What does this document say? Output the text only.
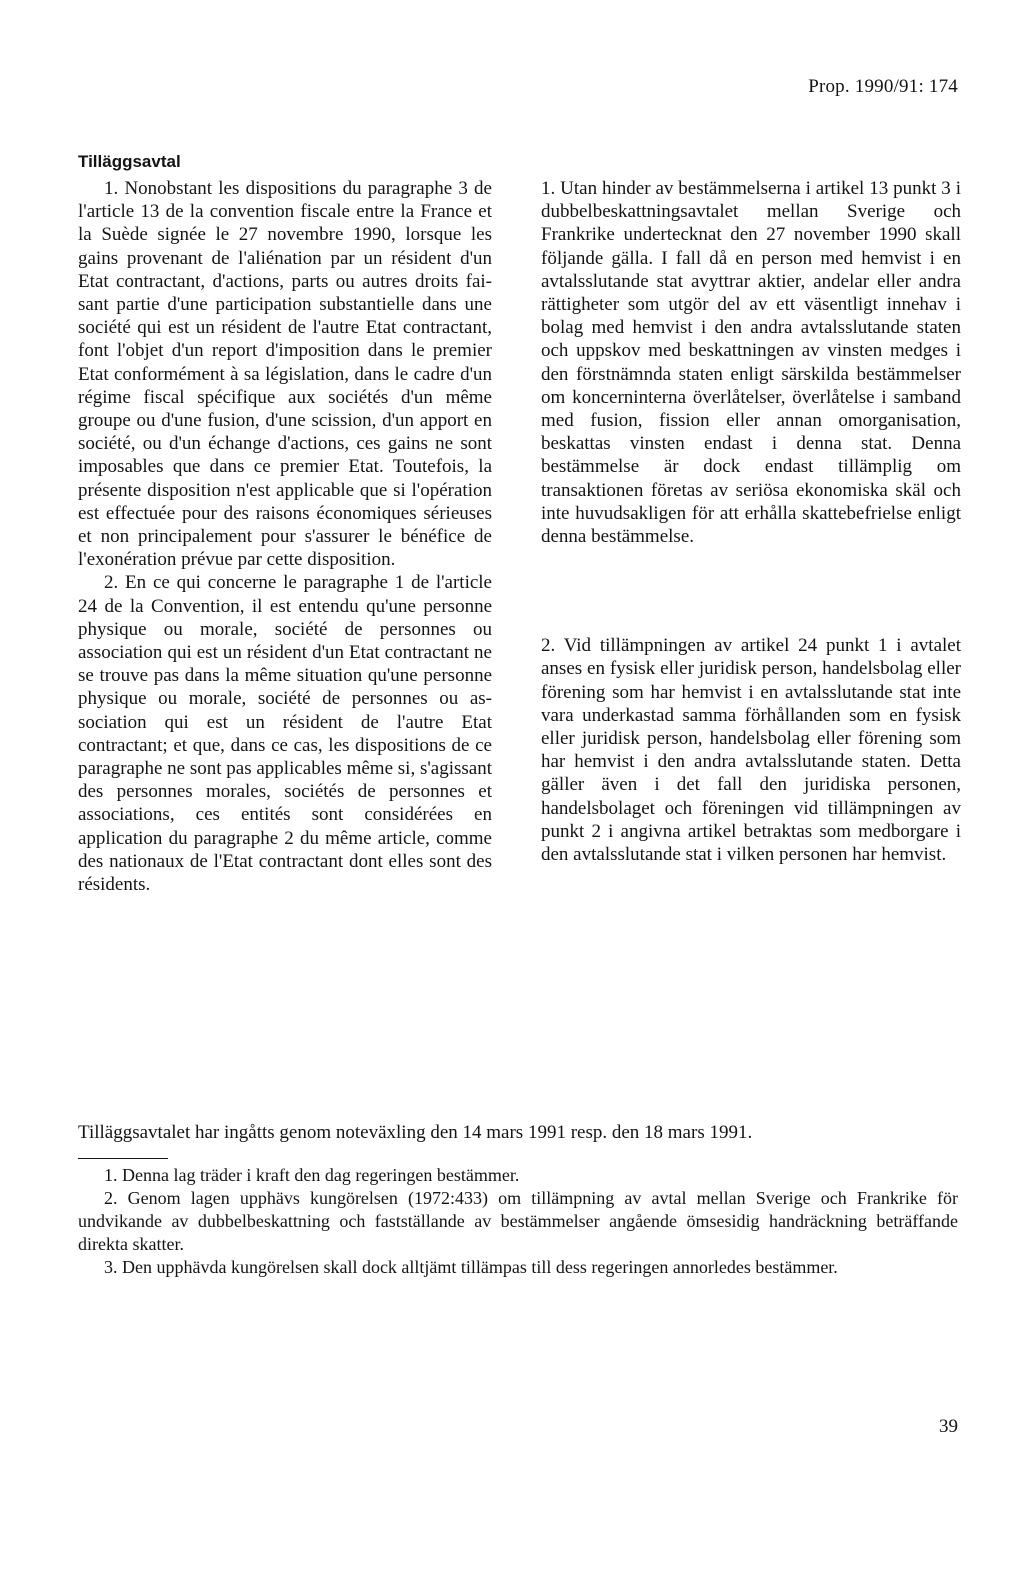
Prop. 1990/91: 174
Tilläggsavtal

1. Nonobstant les dispositions du paragraphe 3 de l'article 13 de la convention fiscale entre la France et la Suède signée le 27 novembre 1990, lorsque les gains provenant de l'aliénation par un résident d'un Etat contractant, d'actions, parts ou autres droits faisant partie d'une participation substantielle dans une société qui est un résident de l'autre Etat contractant, font l'objet d'un report d'imposition dans le premier Etat conformément à sa législation, dans le cadre d'un régime fiscal spécifique aux sociétés d'un même groupe ou d'une fusion, d'une scission, d'un apport en société, ou d'un échange d'actions, ces gains ne sont imposables que dans ce premier Etat. Toutefois, la présente disposition n'est applicable que si l'opération est effectuée pour des raisons économiques sérieuses et non principalement pour s'assurer le bénéfice de l'exonération prévue par cette disposition.

2. En ce qui concerne le paragraphe 1 de l'article 24 de la Convention, il est entendu qu'une personne physique ou morale, société de personnes ou association qui est un résident d'un Etat contractant ne se trouve pas dans la même situation qu'une personne physique ou morale, société de personnes ou association qui est un résident de l'autre Etat contractant; et que, dans ce cas, les dispositions de ce paragraphe ne sont pas applicables même si, s'agissant des personnes morales, sociétés de personnes et associations, ces entités sont considérées en application du paragraphe 2 du même article, comme des nationaux de l'Etat contractant dont elles sont des résidents.

1. Utan hinder av bestämmelserna i artikel 13 punkt 3 i dubbelbeskattningsavtalet mellan Sverige och Frankrike undertecknat den 27 november 1990 skall följande gälla. I fall då en person med hemvist i en avtalsslutande stat avyttrar aktier, andelar eller andra rättigheter som utgör del av ett väsentligt innehav i bolag med hemvist i den andra avtalsslutande staten och uppskov med beskattningen av vinsten medges i den förstnämnda staten enligt särskilda bestämmelser om koncerninterna överlåtelser, överlåtelse i samband med fusion, fission eller annan omorganisation, beskattas vinsten endast i denna stat. Denna bestämmelse är dock endast tillämplig om transaktionen företas av seriösa ekonomiska skäl och inte huvudsakligen för att erhålla skattebefrielse enligt denna bestämmelse.

2. Vid tillämpningen av artikel 24 punkt 1 i avtalet anses en fysisk eller juridisk person, handelsbolag eller förening som har hemvist i en avtalsslutande stat inte vara underkastad samma förhållanden som en fysisk eller juridisk person, handelsbolag eller förening som har hemvist i den andra avtalsslutande staten. Detta gäller även i det fall den juridiska personen, handelsbolaget och föreningen vid tillämpningen av punkt 2 i angivna artikel betraktas som medborgare i den avtalsslutande stat i vilken personen har hemvist.

Tilläggsavtalet har ingåtts genom noteväxling den 14 mars 1991 resp. den 18 mars 1991.

1. Denna lag träder i kraft den dag regeringen bestämmer.

2. Genom lagen upphävs kungörelsen (1972:433) om tillämpning av avtal mellan Sverige och Frankrike för undvikande av dubbelbeskattning och fastställande av bestämmelser angående ömsesidig handräckning beträffande direkta skatter.

3. Den upphävda kungörelsen skall dock alltjämt tillämpas till dess regeringen annorledes bestämmer.

39
